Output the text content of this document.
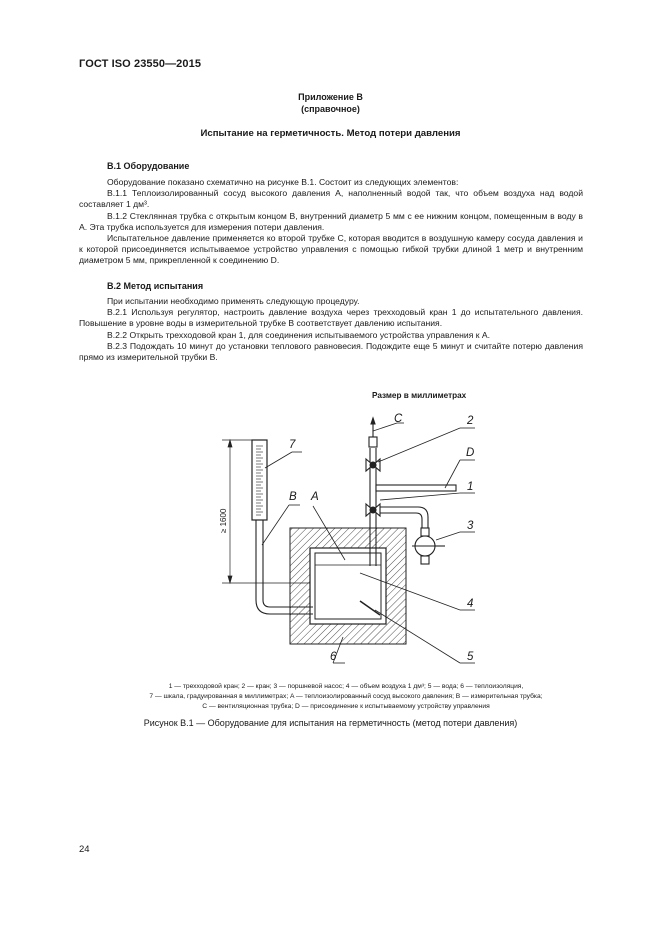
ГОСТ ISO 23550—2015
Приложение В
(справочное)
Испытание на герметичность. Метод потери давления
В.1 Оборудование

Оборудование показано схематично на рисунке В.1. Состоит из следующих элементов:

В.1.1 Теплоизолированный сосуд высокого давления A, наполненный водой так, что объем воздуха над водой составляет 1 дм³.

В.1.2 Стеклянная трубка с открытым концом B, внутренний диаметр 5 мм с ее нижним концом, помещенным в воду в A. Эта трубка используется для измерения потери давления.

Испытательное давление применяется ко второй трубке C, которая вводится в воздушную камеру сосуда давления и к которой присоединяется испытываемое устройство управления с помощью гибкой трубки длиной 1 метр и внутренним диаметром 5 мм, прикрепленной к соединению D.

В.2 Метод испытания

При испытании необходимо применять следующую процедуру.

В.2.1 Используя регулятор, настроить давление воздуха через трехходовый кран 1 до испытательного давления. Повышение в уровне воды в измерительной трубке B соответствует давлению испытания.

В.2.2 Открыть трехходовой кран 1, для соединения испытываемого устройства управления к A.

В.2.3 Подождать 10 минут до установки теплового равновесия. Подождите еще 5 минут и считайте потерю давления прямо из измерительной трубки B.

Размер в миллиметрах
≥ 1600
C	2
D
1
3
4
5
6
7
B A
1 — трехходовой кран; 2 — кран; 3 — поршневой насос; 4 — объем воздуха 1 дм³; 5 — вода; 6 — теплоизоляция,
7 — шкала, градуированная в миллиметрах; A — теплоизолированный сосуд высокого давления; B — измерительная трубка;
C — вентиляционная трубка; D — присоединение к испытываемому устройству управления
Рисунок В.1 — Оборудование для испытания на герметичность (метод потери давления)
24
